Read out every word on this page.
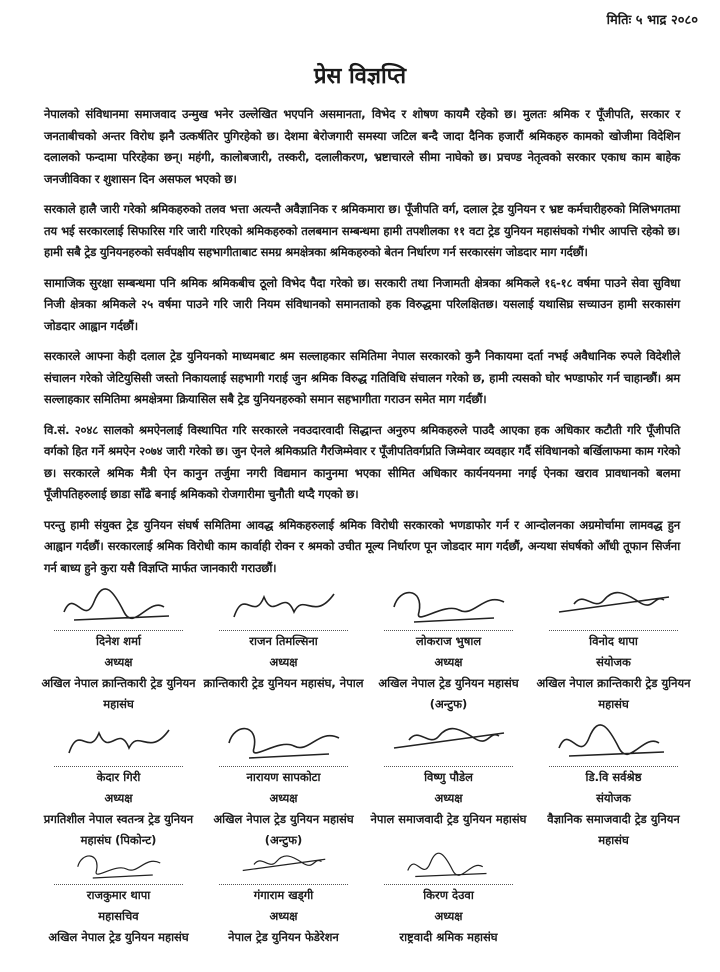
मितिः ५ भाद्र २०८०
प्रेस विज्ञप्ति

नेपालको संविधानमा समाजवाद उन्मुख भनेर उल्लेखित भएपनि असमानता, विभेद र शोषण कायमै रहेको छ। मुलतः श्रमिक र पूँजीपति, सरकार र जनताबीचको अन्तर विरोध झनै उत्कर्षतिर पुगिरहेको छ। देशमा बेरोजगारी समस्या जटिल बन्दै जादा दैनिक हजारौं श्रमिकहरु कामको खोजीमा विदेशिन दलालको फन्दामा परिरहेका छन्। महंगी, कालोबजारी, तस्करी, दलालीकरण, भ्रष्टाचारले सीमा नाघेको छ। प्रचण्ड नेतृत्वको सरकार एकाध काम बाहेक जनजीविका र शुशासन दिन असफल भएको छ।

सरकाले हालै जारी गरेको श्रमिकहरुको तलव भत्ता अत्यन्तै अवैज्ञानिक र श्रमिकमारा छ। पूँजीपति वर्ग, दलाल ट्रेड युनियन र भ्रष्ट कर्मचारीहरुको मिलिभगतमा तय भई सरकारलाई सिफारिस गरि जारी गरिएको श्रमिकहरुको तलबमान सम्बन्धमा हामी तपशीलका ११ वटा ट्रेड युनियन महासंघको गंभीर आपत्ति रहेको छ। हामी सबै ट्रेड युनियनहरुको सर्वपक्षीय सहभागीताबाट समग्र श्रमक्षेत्रका श्रमिकहरुको बेतन निर्धारण गर्न सरकारसंग जोडदार माग गर्दछौं।

सामाजिक सुरक्षा सम्बन्धमा पनि श्रमिक श्रमिकबीच ठूलो विभेद पैदा गरेको छ। सरकारी तथा निजामती क्षेत्रका श्रमिकले १६-१८ वर्षमा पाउने सेवा सुविधा निजी क्षेत्रका श्रमिकले २५ वर्षमा पाउने गरि जारी नियम संविधानको समानताको हक विरुद्धमा परिलक्षितछ। यसलाई यथासिघ्र सच्याउन हामी सरकासंग जोडदार आह्वान गर्दछौं।

सरकारले आफ्ना केही दलाल ट्रेड युनियनको माध्यमबाट श्रम सल्लाहकार समितिमा नेपाल सरकारको कुनै निकायमा दर्ता नभई अवैधानिक रुपले विदेशीले संचालन गरेको जेटियुसिसी जस्तो निकायलाई सहभागी गराई जुन श्रमिक विरुद्ध गतिविधि संचालन गरेको छ, हामी त्यसको घोर भण्डाफोर गर्न चाहान्छौं। श्रम सल्लाहकार समितिमा श्रमक्षेत्रमा क्रियासिल सबै ट्रेड युनियनहरुको समान सहभागीता गराउन समेत माग गर्दछौं।

वि.सं. २०४८ सालको श्रमऐनलाई विस्थापित गरि सरकारले नवउदारवादी सिद्धान्त अनुरुप श्रमिकहरुले पाउदै आएका हक अधिकार कटौती गरि पूँजीपति वर्गको हित गर्ने श्रमऐन २०७४ जारी गरेको छ। जुन ऐनले श्रमिकप्रति गैरजिम्मेवार र पूँजीपतिवर्गप्रति जिम्मेवार व्यवहार गर्दै संविधानको बर्खिलाफमा काम गरेको छ। सरकारले श्रमिक मैत्री ऐन कानुन तर्जुमा नगरी विद्यमान कानुनमा भएका सीमित अधिकार कार्यनयनमा नगई ऐनका खराव प्रावधानको बलमा पूँजीपतिहरुलाई छाडा साँढे बनाई श्रमिकको रोजगारीमा चुनौती थप्दै गएको छ।

परन्तु हामी संयुक्त ट्रेड युनियन संघर्ष समितिमा आवद्ध श्रमिकहरुलाई श्रमिक विरोधी सरकारको भणडाफोर गर्न र आन्दोलनका अग्रमोर्चामा लामवद्ध हुन आह्वान गर्दछौं। सरकारलाई श्रमिक विरोधी काम कार्वाही रोक्न र श्रमको उचीत मूल्य निर्धारण पून जोडदार माग गर्दछौं, अन्यथा संघर्षको आँधी तूफान सिर्जना गर्न बाध्य हुने कुरा यसै विज्ञप्ति मार्फत जानकारी गराउछौं।

दिनेश शर्मा
अध्यक्ष
अखिल नेपाल क्रान्तिकारी ट्रेड युनियन महासंघ
राजन तिमल्सिना
अध्यक्ष
क्रान्तिकारी ट्रेड युनियन महासंघ, नेपाल
लोकराज भुषाल
अध्यक्ष
अखिल नेपाल ट्रेड युनियन महासंघ (अन्टुफ)
विनोद थापा
संयोजक
अखिल नेपाल क्रान्तिकारी ट्रेड युनियन महासंघ
केदार गिरी
अध्यक्ष
प्रगतिशील नेपाल स्वतन्त्र ट्रेड युनियन महासंघ (पिकोन्ट)
नारायण सापकोटा
अध्यक्ष
अखिल नेपाल ट्रेड युनियन महासंघ (अन्टुफ)
विष्णु पौडेल
अध्यक्ष
नेपाल समाजवादी ट्रेड युनियन महासंघ
डि.वि सर्वश्रेष्ठ
संयोजक
वैज्ञानिक समाजवादी ट्रेड युनियन महासंघ
राजकुमार थापा
महासचिव
अखिल नेपाल ट्रेड युनियन महासंघ
गंगाराम खड्गी
अध्यक्ष
नेपाल ट्रेड युनियन फेडेरेशन
किरण देउवा
अध्यक्ष
राष्ट्रवादी श्रमिक महासंघ
